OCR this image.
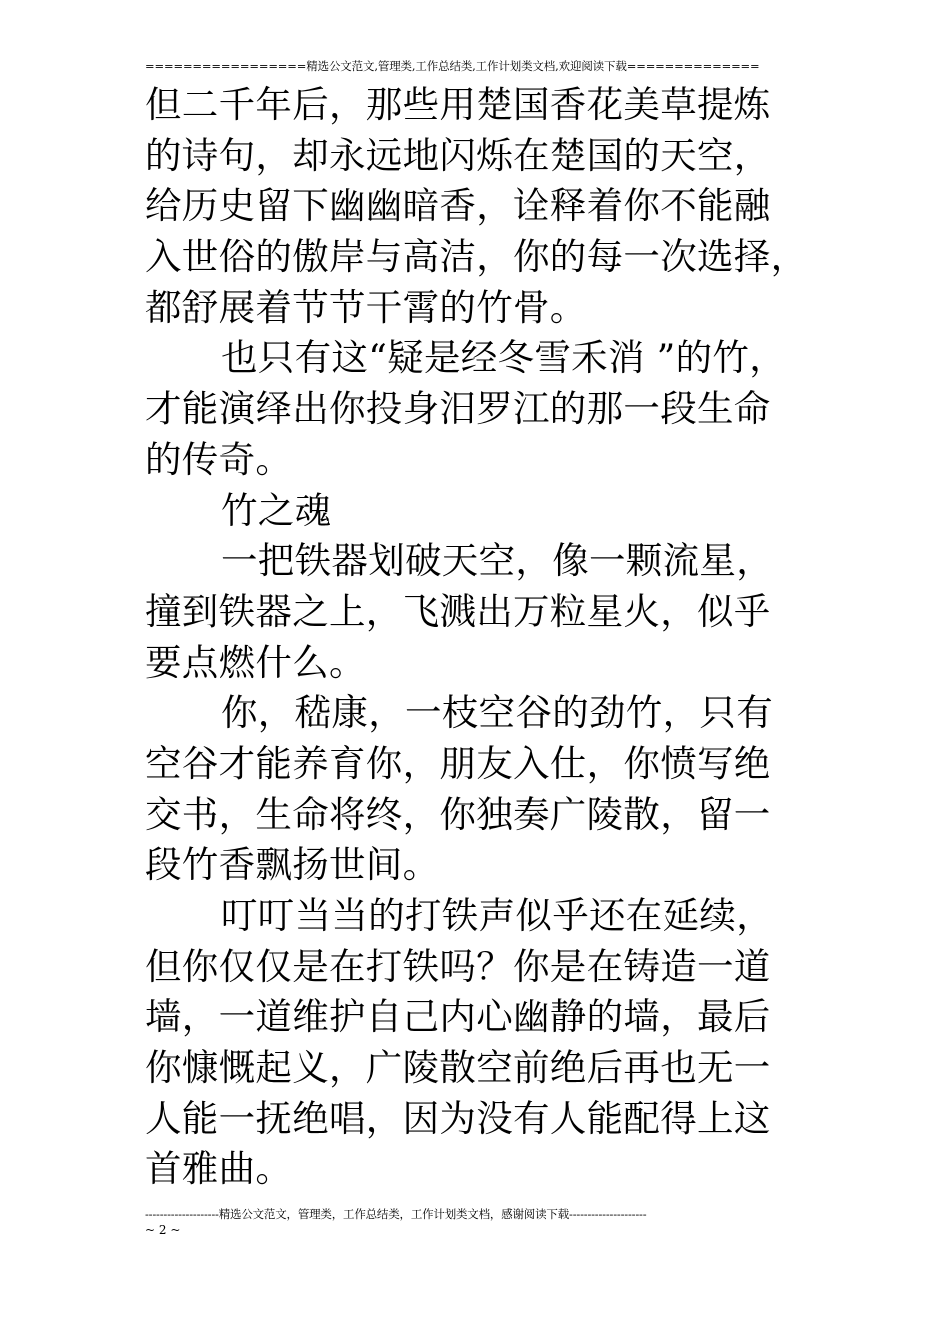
=================精选公文范文,管理类,工作总结类,工作计划类文档,欢迎阅读下载==============
但二千年后，那些用楚国香花美草提炼
的诗句，却永远地闪烁在楚国的天空，
给历史留下幽幽暗香，诠释着你不能融
入世俗的傲岸与高洁，你的每一次选择，
都舒展着节节干霄的竹骨。
也只有这“疑是经冬雪禾消 ”的竹，
才能演绎出你投身汨罗江的那一段生命
的传奇。
竹之魂
一把铁器划破天空，像一颗流星，
撞到铁器之上，飞溅出万粒星火，似乎
要点燃什么。
你，嵇康，一枝空谷的劲竹，只有
空谷才能养育你，朋友入仕，你愤写绝
交书，生命将终，你独奏广陵散，留一
段竹香飘扬世间。
叮叮当当的打铁声似乎还在延续，
但你仅仅是在打铁吗？你是在铸造一道
墙，一道维护自己内心幽静的墙，最后
你慷慨起义，广陵散空前绝后再也无一
人能一抚绝唱，因为没有人能配得上这
首雅曲。
--------------------精选公文范文，管理类，工作总结类，工作计划类文档，感谢阅读下载---------------------
~ 2 ~
